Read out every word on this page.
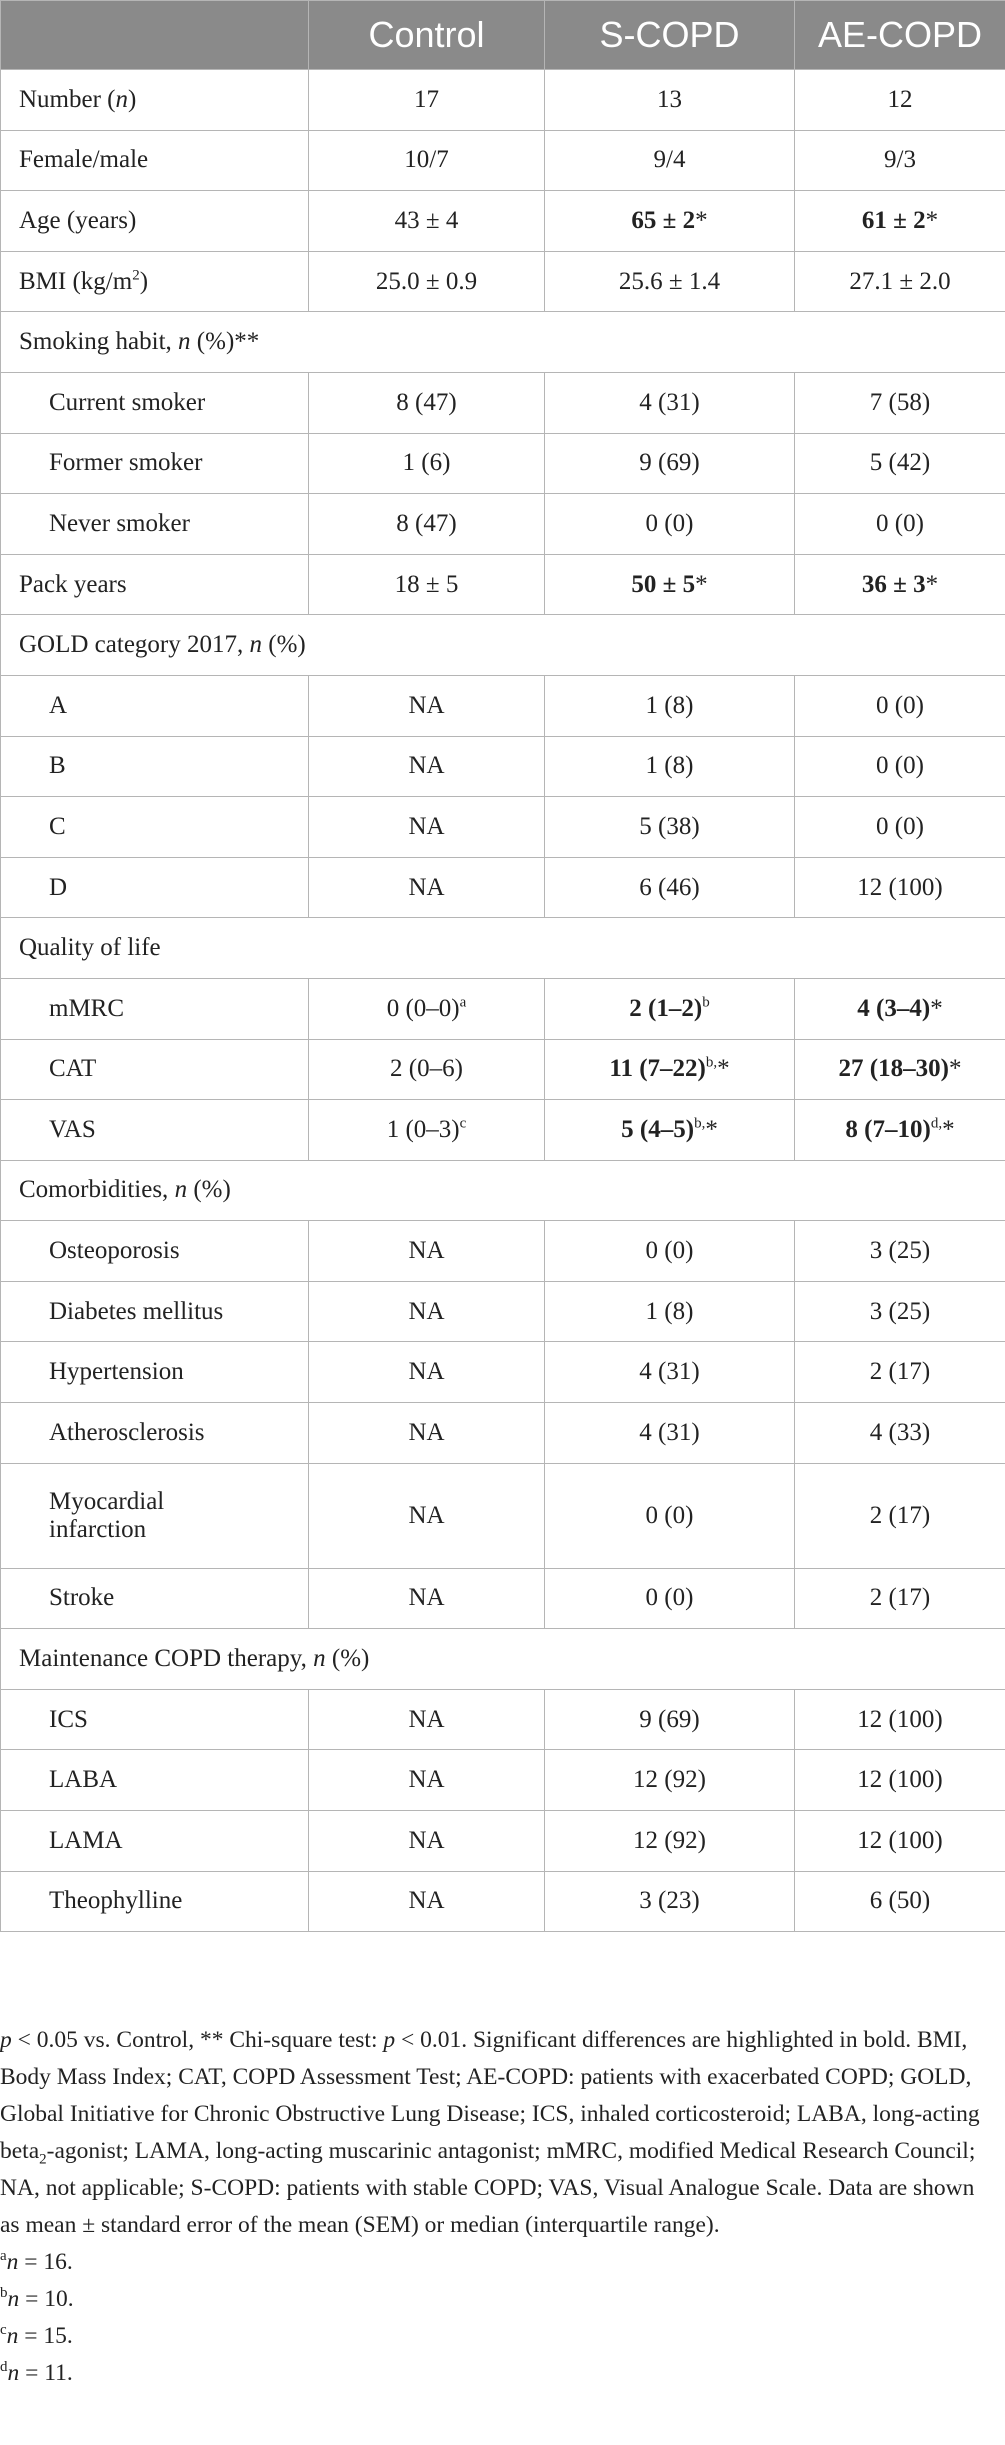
	Control	S-COPD	AE-COPD
Number (n)	17	13	12
Female/male	10/7	9/4	9/3
Age (years)	43 ± 4	65 ± 2*	61 ± 2*
BMI $(kg/m^2)$	25.0 ± 0.9	25.6 ± 1.4	27.1 ± 2.0
Smoking habit, n (%)**			
Current smoker	8 (47)	4 (31)	7 (58)
Former smoker	1 (6)	9 (69)	5 (42)
Never smoker	8 (47)	0 (0)	0 (0)
Pack years	18 ± 5	50 ± 5*	36 ± 3*
GOLD category 2017, n (%)			
A	NA	1 (8)	0 (0)
B	NA	1 (8)	0 (0)
C	NA	5 (38)	0 (0)
D	NA	6 (46)	12 (100)
Quality of life			
mMRC	0 $(0-0)^a$	2 $(1-2)^b$	4 (3–4)*
CAT	2 (0–6)	11 $(7-22)^{b,}*$	27 (18–30)*
VAS	1 $(0-3)^c$	5 $(4-5)^{b,}*$	8 $(7-10)^{d,}*$
Comorbidities, n (%)			
Osteoporosis	NA	0 (0)	3 (25)
Diabetes mellitus	NA	1 (8)	3 (25)
Hypertension	NA	4 (31)	2 (17)
Atherosclerosis	NA	4 (31)	4 (33)
Myocardial
infarction	NA	0 (0)	2 (17)
Stroke	NA	0 (0)	2 (17)
Maintenance COPD therapy, n (%)			
ICS	NA	9 (69)	12 (100)
LABA	NA	12 (92)	12 (100)
LAMA	NA	12 (92)	12 (100)
Theophylline	NA	3 (23)	6 (50)

p < 0.05 vs. Control, ** Chi-square test: p < 0.01. Significant differences are highlighted in bold. BMI, Body Mass Index; CAT, COPD Assessment Test; AE-COPD: patients with exacerbated COPD; GOLD, Global Initiative for Chronic Obstructive Lung Disease; ICS, inhaled corticosteroid; LABA, long-acting beta$_2$-agonist; LAMA, long-acting muscarinic antagonist; mMRC, modified Medical Research Council; NA, not applicable; S-COPD: patients with stable COPD; VAS, Visual Analogue Scale. Data are shown as mean ± standard error of the mean (SEM) or median (interquartile range).

$^a$n = 16.

$^b$n = 10.

$^c$n = 15.

$^d$n = 11.
